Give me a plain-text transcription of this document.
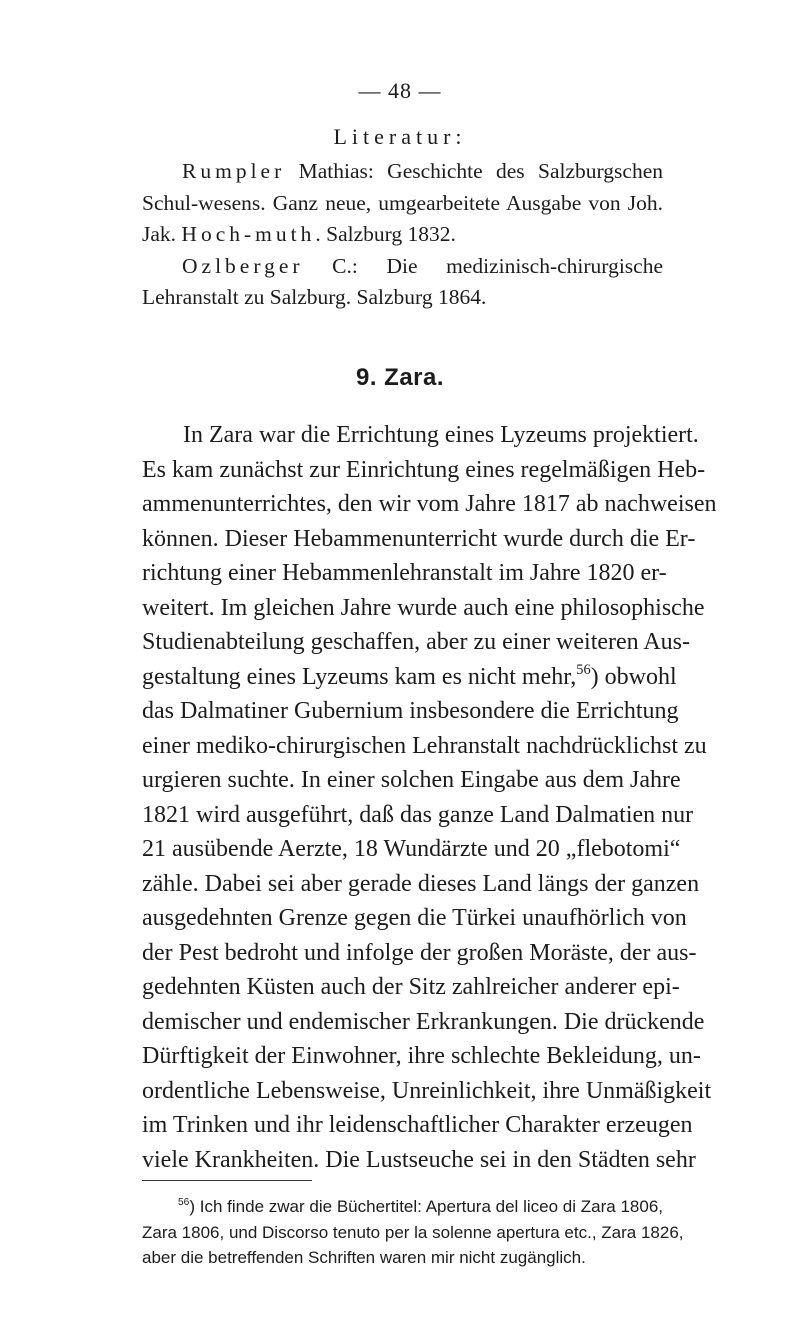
— 48 —
Literatur:

Rumpler Mathias: Geschichte des Salzburgschen Schul-wesens. Ganz neue, umgearbeitete Ausgabe von Joh. Jak. Hoch-muth. Salzburg 1832.

Ozlberger C.: Die medizinisch-chirurgische Lehranstalt zu Salzburg. Salzburg 1864.

9. Zara.
In Zara war die Errichtung eines Lyzeums projektiert.
Es kam zunächst zur Einrichtung eines regelmäßigen Heb-
ammenunterrichtes, den wir vom Jahre 1817 ab nachweisen
können. Dieser Hebammenunterricht wurde durch die Er-
richtung einer Hebammenlehranstalt im Jahre 1820 er-
weitert. Im gleichen Jahre wurde auch eine philosophische
Studienabteilung geschaffen, aber zu einer weiteren Aus-
gestaltung eines Lyzeums kam es nicht mehr,$^{56}$) obwohl
das Dalmatiner Gubernium insbesondere die Errichtung
einer mediko-chirurgischen Lehranstalt nachdrücklichst zu
urgieren suchte. In einer solchen Eingabe aus dem Jahre
1821 wird ausgeführt, daß das ganze Land Dalmatien nur
21 ausübende Aerzte, 18 Wundärzte und 20 „flebotomi“
zähle. Dabei sei aber gerade dieses Land längs der ganzen
ausgedehnten Grenze gegen die Türkei unaufhörlich von
der Pest bedroht und infolge der großen Moräste, der aus-
gedehnten Küsten auch der Sitz zahlreicher anderer epi-
demischer und endemischer Erkrankungen. Die drückende
Dürftigkeit der Einwohner, ihre schlechte Bekleidung, un-
ordentliche Lebensweise, Unreinlichkeit, ihre Unmäßigkeit
im Trinken und ihr leidenschaftlicher Charakter erzeugen
viele Krankheiten. Die Lustseuche sei in den Städten sehr
$^{56}$) Ich finde zwar die Büchertitel: Apertura del liceo di Zara 1806,
Zara 1806, und Discorso tenuto per la solenne apertura etc., Zara 1826,
aber die betreffenden Schriften waren mir nicht zugänglich.
